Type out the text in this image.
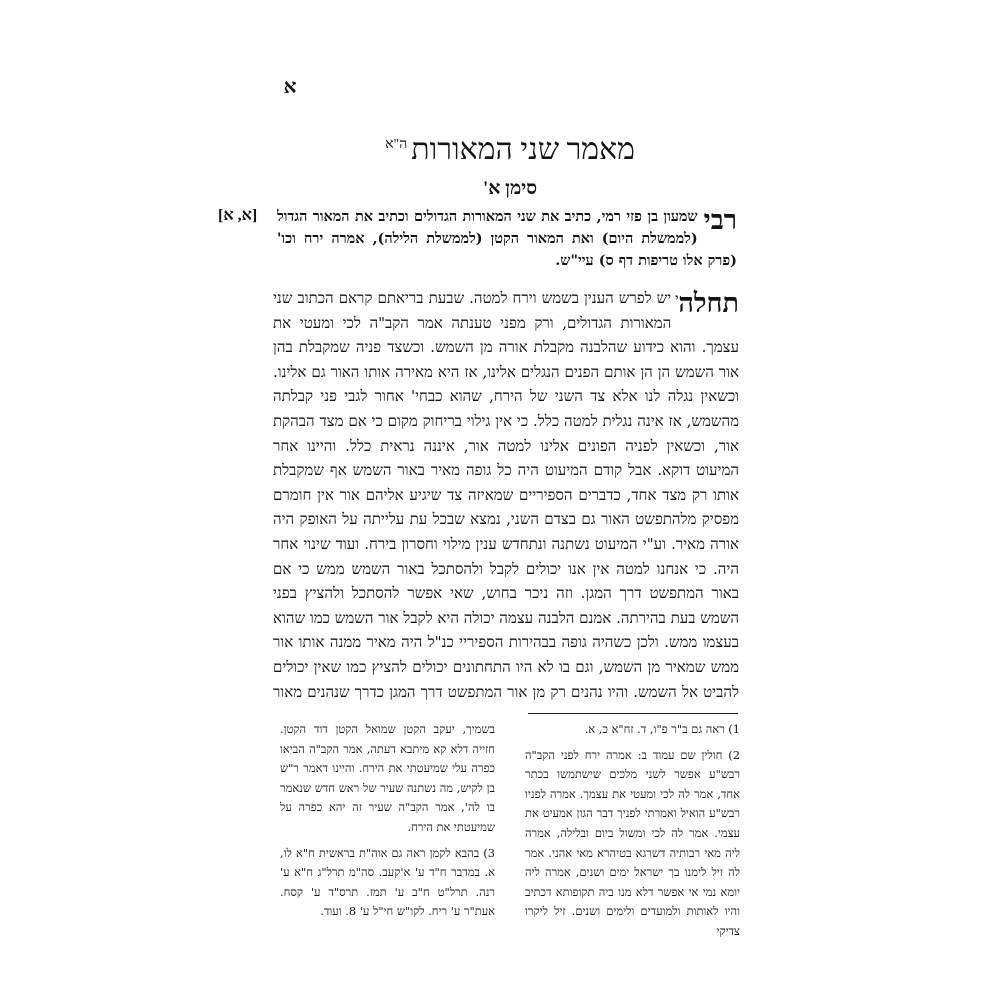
א
מאמר שני המאורות$^{ה"א}$
סימן א'
[א, א]	רבי
שמעון בן פזי רמי, כתיב את שני המאורות הגדולים וכתיב את המאור הגדול (לממשלת היום) ואת המאור הקטן (לממשלת הלילה), אמרה ירח וכו' (פרק אלו טריפות דף ס) עיי"ש.
תחלה$^י$
יש לפרש הענין בשמש וירח למטה. שבעת בריאתם קראם הכתוב שני המאורות הגדולים, ורק מפני טענתה אמר הקב"ה לכי ומעטי את עצמך. והוא כידוע שהלבנה מקבלת אורה מן השמש. וכשצד פניה שמקבלת בהן אור השמש הן הן אותם הפנים הנגלים אלינו, אז היא מאירה אותו האור גם אלינו. וכשאין נגלה לנו אלא צד השני של הירח, שהוא כבחי' אחור לגבי פני קבלתה מהשמש, אז אינה נגלית למטה כלל. כי אין גילוי בריחוק מקום כי אם מצד הבהקת אור, וכשאין לפניה הפונים אלינו למטה אור, איננה נראית כלל. והיינו אחר המיעוט דוקא. אבל קודם המיעוט היה כל גופה מאיר באור השמש אף שמקבלת אותו רק מצד אחד, כדברים הספיריים שמאיזה צד שיגיע אליהם אור אין חומרם מפסיק מלהתפשט האור גם בצדם השני, נמצא שבכל עת עלייתה על האופק היה אורה מאיר. וע"י המיעוט נשתנה ונתחדש ענין מילוי וחסרון בירח. ועוד שינוי אחר היה. כי אנחנו למטה אין אנו יכולים לקבל ולהסתכל באור השמש ממש כי אם באור המתפשט דרך המגן. וזה ניכר בחוש, שאי אפשר להסתכל ולהציץ בפני השמש בעת בהירתה. אמנם הלבנה עצמה יכולה היא לקבל אור השמש כמו שהוא בעצמו ממש. ולכן כשהיה גופה בבהירות הספיריי כנ"ל היה מאיר ממנה אותו אור ממש שמאיר מן השמש, וגם בו לא היו התחתונים יכולים להציץ כמו שאין יכולים להביט אל השמש. והיו נהנים רק מן אור המתפשט דרך המגן כדרך שנהנים מאור

1) ראה גם ב"ר פ"ו, ד. זח"א כ, א.

2) חולין שם עמוד ב: אמרה ירח לפני הקב"ה רבש"ע אפשר לשני מלכים שישתמשו בכתר אחד, אמר לה לכי ומעטי את עצמך. אמרה לפניו רבש"ע הואיל ואמרתי לפניך דבר הגון אמעיט את עצמי. אמר לה לכי ומשול ביום ובלילה, אמרה ליה מאי רבותיה דשרגא בטיהרא מאי אהני. אמר לה זיל לימנו בך ישראל ימים ושנים, אמרה ליה יומא נמי אי אפשר דלא מנו ביה תקופותא דכתיב והיו לאותות ולמועדים ולימים ושנים. זיל ליקרו צדיקי

בשמיך, יעקב הקטן שמואל הקטן דוד הקטן. חזייה דלא קא מיתבא דעתה, אמר הקב"ה הביאו כפרה עלי שמיעטתי את הירח. והיינו דאמר ר"ש בן לקיש, מה נשתנה שעיר של ראש חדש שנאמר בו לה', אמר הקב"ה שעיר זה יהא כפרה על שמיעטתי את הירח.

3) בהבא לקמן ראה גם אוה"ת בראשית ח"א לו, א. במדבר ח"ד ע' א'קעב. סה"מ תרל"ג ח"א ע' רנה. תרל"ט ח"ב ע' תמז. תרס"ד ע' קסח. אעת"ר ע' ריח. לקו"ש חי"ל ע' 8. ועוד.
